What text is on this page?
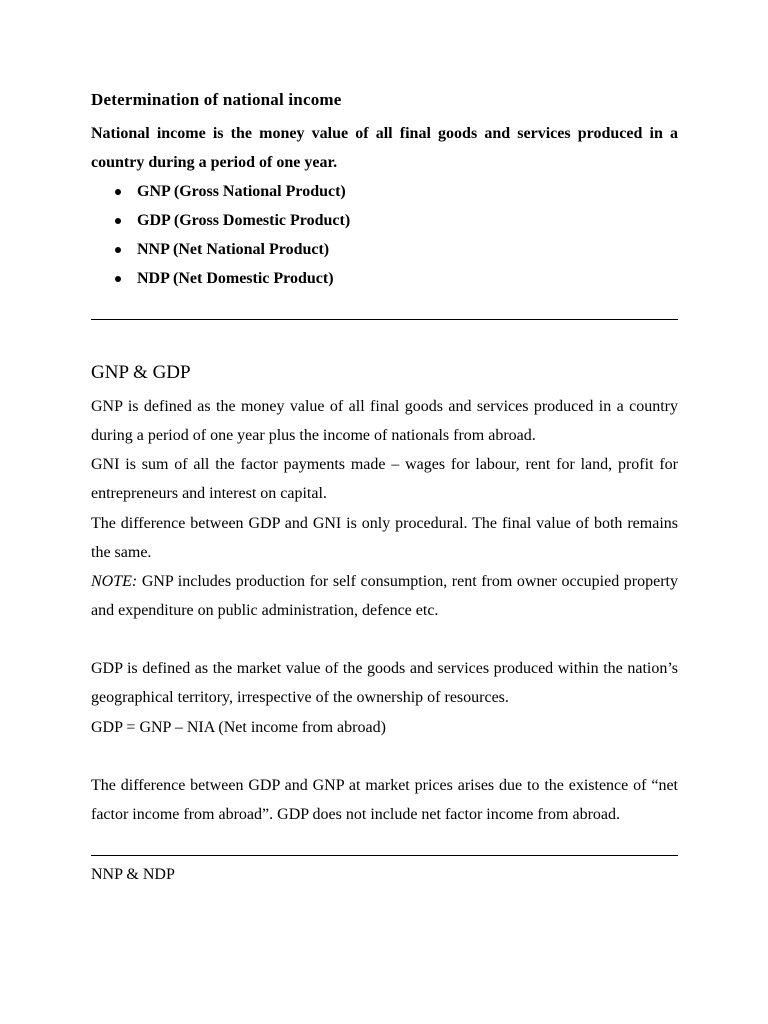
Determination of national income
National income is the money value of all final goods and services produced in a country during a period of one year.
GNP (Gross National Product)
GDP (Gross Domestic Product)
NNP (Net National Product)
NDP (Net Domestic Product)
GNP & GDP
GNP is defined as the money value of all final goods and services produced in a country during a period of one year plus the income of nationals from abroad.
GNI is sum of all the factor payments made – wages for labour, rent for land, profit for entrepreneurs and interest on capital.
The difference between GDP and GNI is only procedural. The final value of both remains the same.
NOTE: GNP includes production for self consumption, rent from owner occupied property and expenditure on public administration, defence etc.
GDP is defined as the market value of the goods and services produced within the nation’s geographical territory, irrespective of the ownership of resources.
GDP = GNP – NIA (Net income from abroad)
The difference between GDP and GNP at market prices arises due to the existence of “net factor income from abroad”. GDP does not include net factor income from abroad.
NNP & NDP
